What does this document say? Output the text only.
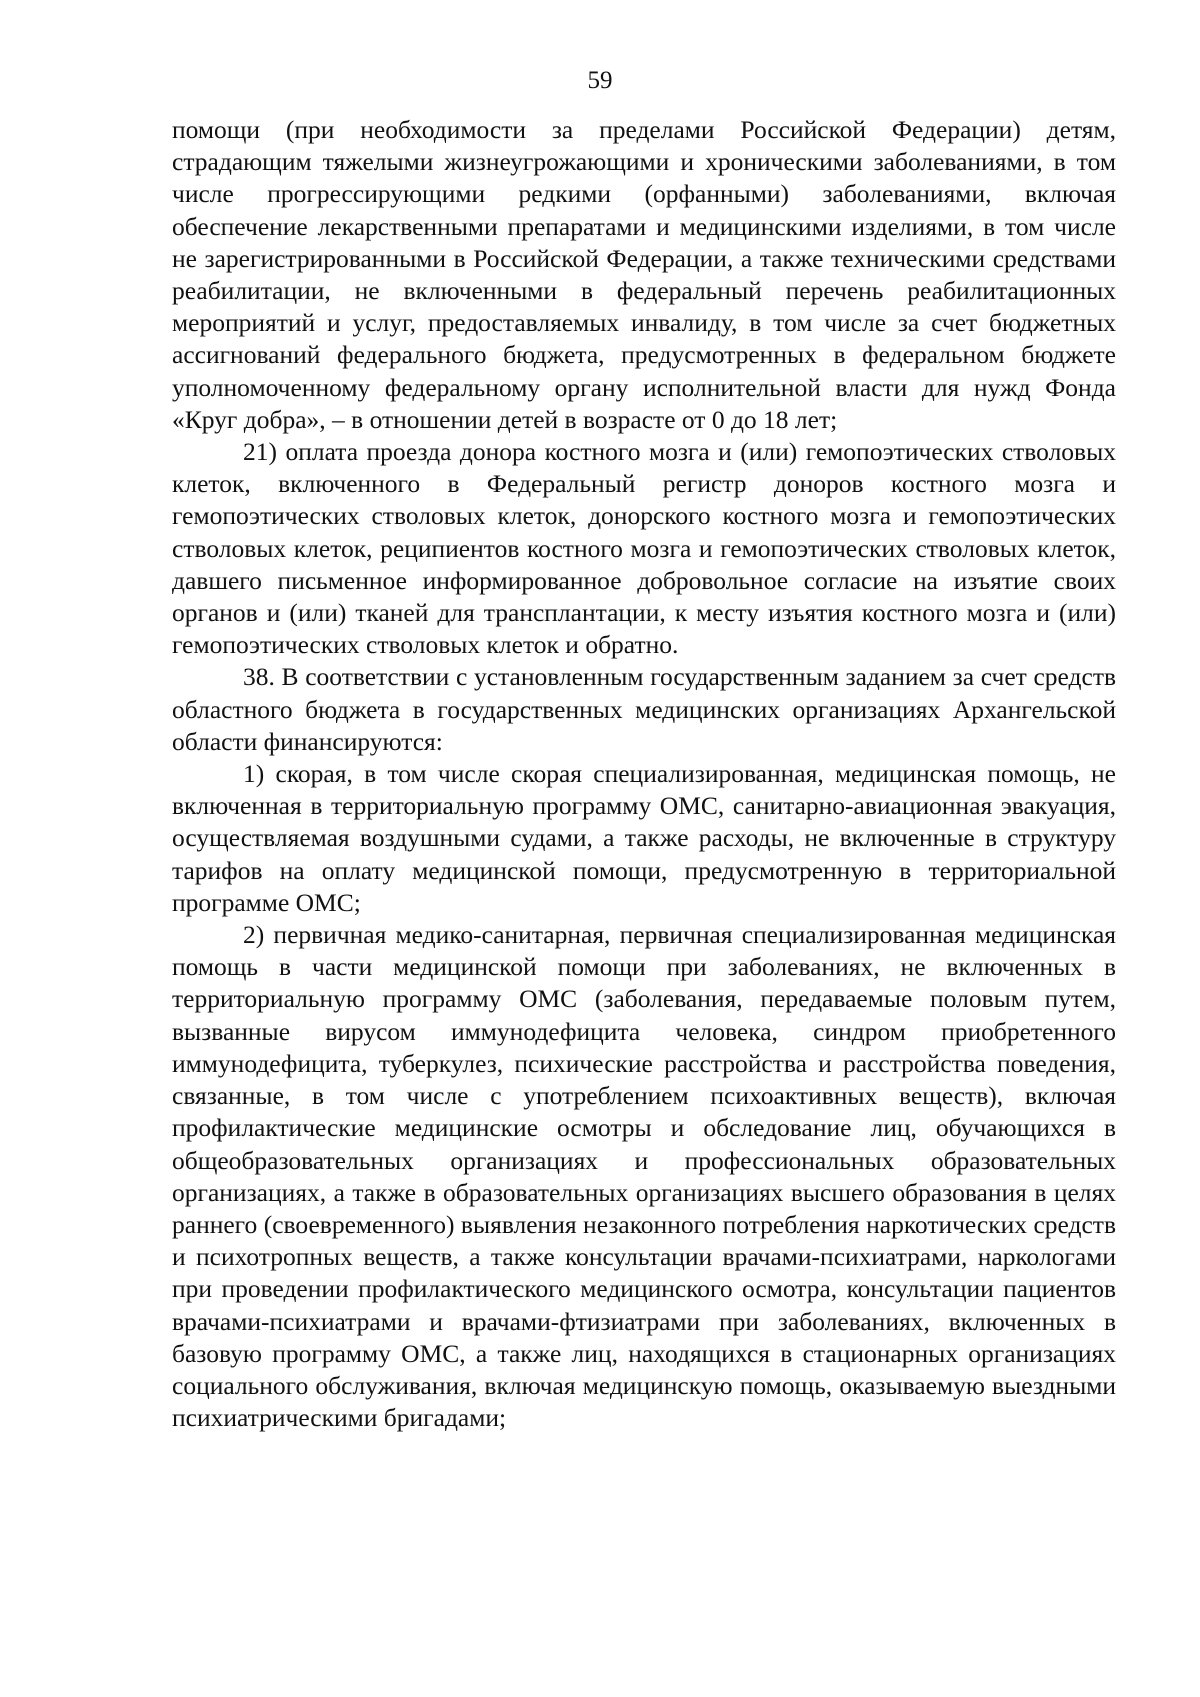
59

помощи (при необходимости за пределами Российской Федерации) детям, страдающим тяжелыми жизнеугрожающими и хроническими заболеваниями, в том числе прогрессирующими редкими (орфанными) заболеваниями, включая обеспечение лекарственными препаратами и медицинскими изделиями, в том числе не зарегистрированными в Российской Федерации, а также техническими средствами реабилитации, не включенными в федеральный перечень реабилитационных мероприятий и услуг, предоставляемых инвалиду, в том числе за счет бюджетных ассигнований федерального бюджета, предусмотренных в федеральном бюджете уполномоченному федеральному органу исполнительной власти для нужд Фонда «Круг добра», – в отношении детей в возрасте от 0 до 18 лет;

21) оплата проезда донора костного мозга и (или) гемопоэтических стволовых клеток, включенного в Федеральный регистр доноров костного мозга и гемопоэтических стволовых клеток, донорского костного мозга и гемопоэтических стволовых клеток, реципиентов костного мозга и гемопоэтических стволовых клеток, давшего письменное информированное добровольное согласие на изъятие своих органов и (или) тканей для трансплантации, к месту изъятия костного мозга и (или) гемопоэтических стволовых клеток и обратно.

38. В соответствии с установленным государственным заданием за счет средств областного бюджета в государственных медицинских организациях Архангельской области финансируются:

1) скорая, в том числе скорая специализированная, медицинская помощь, не включенная в территориальную программу ОМС, санитарно-авиационная эвакуация, осуществляемая воздушными судами, а также расходы, не включенные в структуру тарифов на оплату медицинской помощи, предусмотренную в территориальной программе ОМС;

2) первичная медико-санитарная, первичная специализированная медицинская помощь в части медицинской помощи при заболеваниях, не включенных в территориальную программу ОМС (заболевания, передаваемые половым путем, вызванные вирусом иммунодефицита человека, синдром приобретенного иммунодефицита, туберкулез, психические расстройства и расстройства поведения, связанные, в том числе с употреблением психоактивных веществ), включая профилактические медицинские осмотры и обследование лиц, обучающихся в общеобразовательных организациях и профессиональных образовательных организациях, а также в образовательных организациях высшего образования в целях раннего (своевременного) выявления незаконного потребления наркотических средств и психотропных веществ, а также консультации врачами-психиатрами, наркологами при проведении профилактического медицинского осмотра, консультации пациентов врачами-психиатрами и врачами-фтизиатрами при заболеваниях, включенных в базовую программу ОМС, а также лиц, находящихся в стационарных организациях социального обслуживания, включая медицинскую помощь, оказываемую выездными психиатрическими бригадами;
